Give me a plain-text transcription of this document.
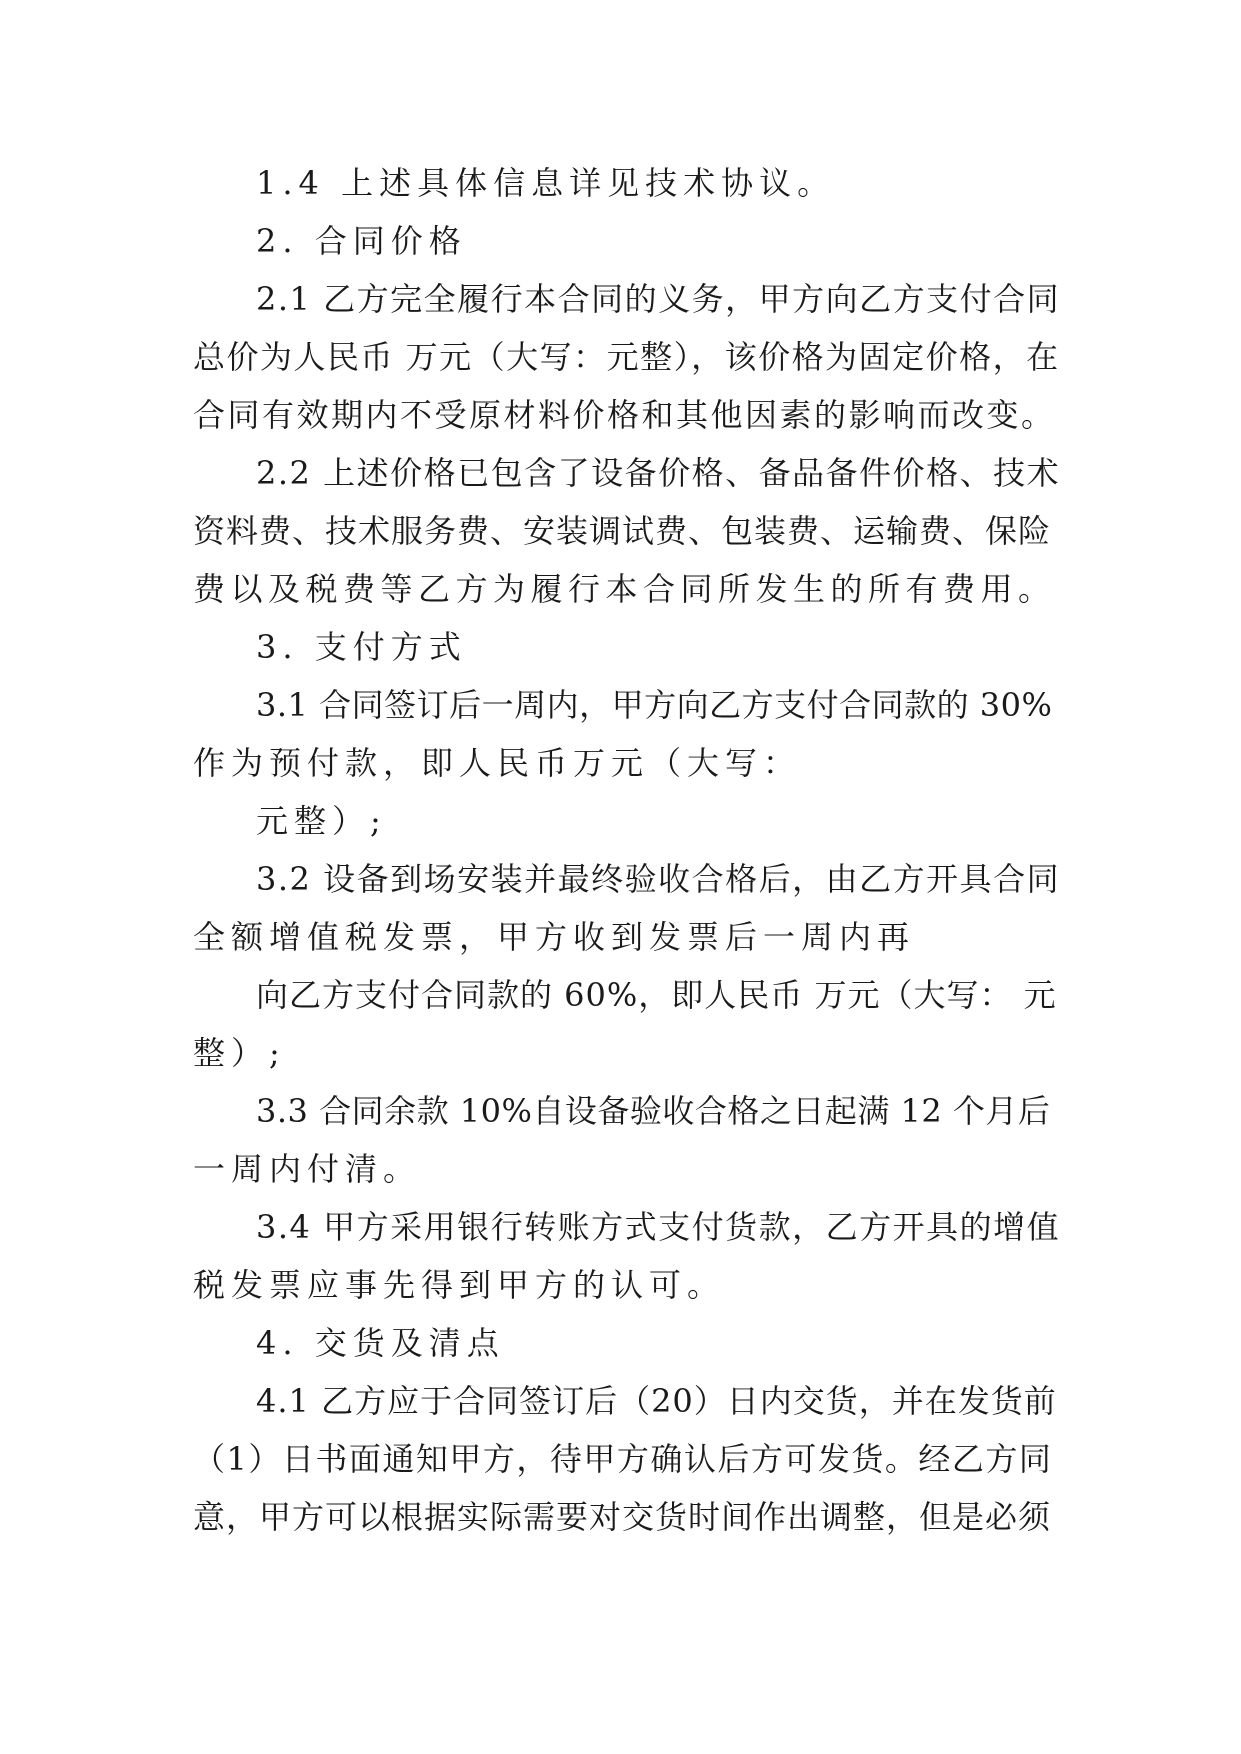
1.4 上述具体信息详见技术协议。
2. 合同价格
2.1 乙方完全履行本合同的义务，甲方向乙方支付合同
总价为人民币 万元（大写：元整），该价格为固定价格，在
合同有效期内不受原材料价格和其他因素的影响而改变。
2.2 上述价格已包含了设备价格、备品备件价格、技术
资料费、技术服务费、安装调试费、包装费、运输费、保险
费以及税费等乙方为履行本合同所发生的所有费用。
3. 支付方式
3.1 合同签订后一周内，甲方向乙方支付合同款的 30%
作为预付款，即人民币万元（大写：
元整）;
3.2 设备到场安装并最终验收合格后，由乙方开具合同
全额增值税发票，甲方收到发票后一周内再
向乙方支付合同款的 60%，即人民币 万元（大写： 元
整）;
3.3 合同余款 10%自设备验收合格之日起满 12 个月后
一周内付清。
3.4 甲方采用银行转账方式支付货款，乙方开具的增值
税发票应事先得到甲方的认可。
4. 交货及清点
4.1 乙方应于合同签订后（20）日内交货，并在发货前
（1）日书面通知甲方，待甲方确认后方可发货。经乙方同
意，甲方可以根据实际需要对交货时间作出调整，但是必须
